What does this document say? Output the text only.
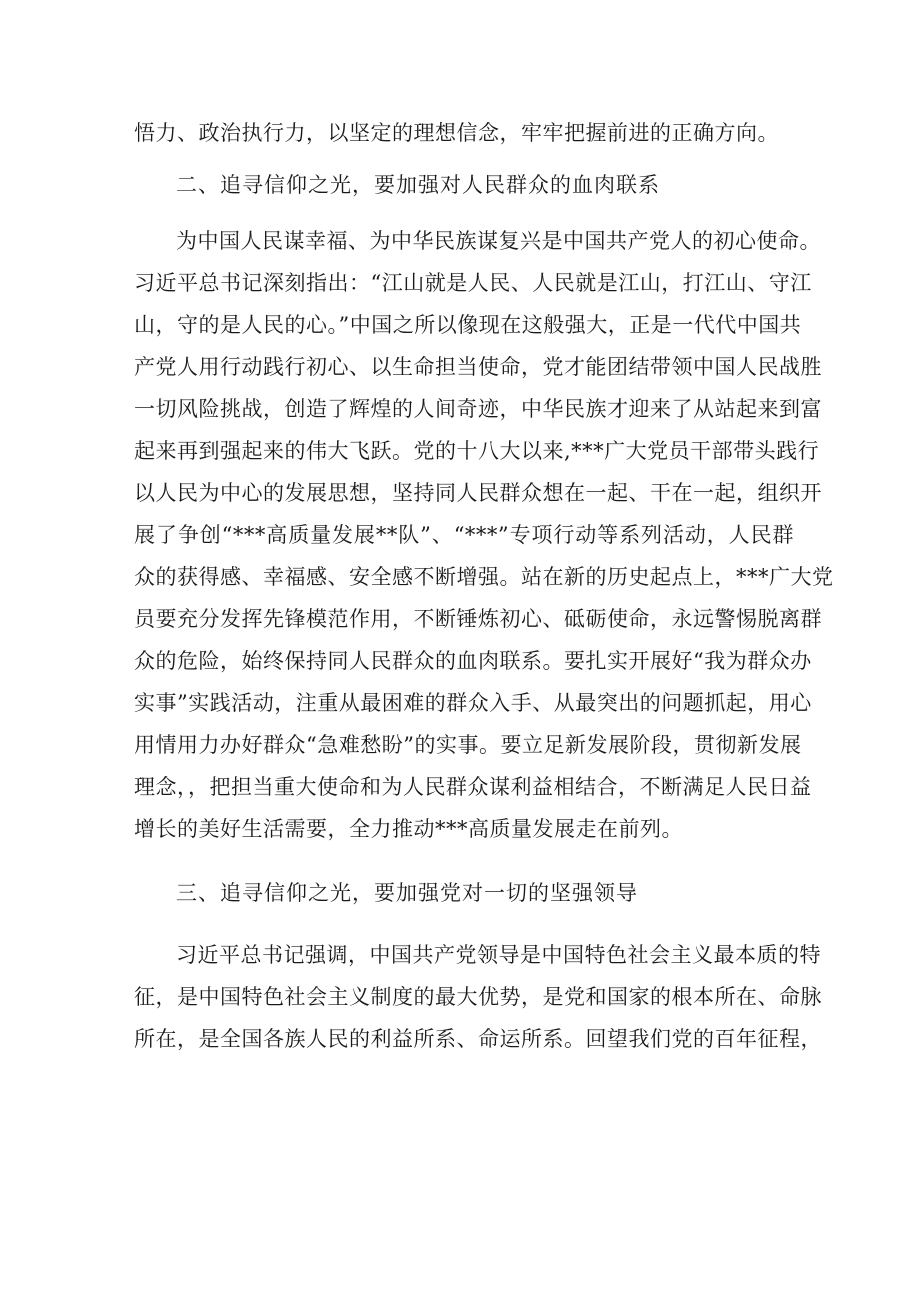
悟力、政治执行力，以坚定的理想信念，牢牢把握前进的正确方向。
二、追寻信仰之光，要加强对人民群众的血肉联系
为中国人民谋幸福、为中华民族谋复兴是中国共产党人的初心使命。
习近平总书记深刻指出：“江山就是人民、人民就是江山，打江山、守江
山，守的是人民的心。”中国之所以像现在这般强大，正是一代代中国共
产党人用行动践行初心、以生命担当使命，党才能团结带领中国人民战胜
一切风险挑战，创造了辉煌的人间奇迹，中华民族才迎来了从站起来到富
起来再到强起来的伟大飞跃。党的十八大以来,***广大党员干部带头践行
以人民为中心的发展思想，坚持同人民群众想在一起、干在一起，组织开
展了争创“***高质量发展**队”、“***”专项行动等系列活动，人民群
众的获得感、幸福感、安全感不断增强。站在新的历史起点上，***广大党
员要充分发挥先锋模范作用，不断锤炼初心、砥砺使命，永远警惕脱离群
众的危险，始终保持同人民群众的血肉联系。要扎实开展好“我为群众办
实事”实践活动，注重从最困难的群众入手、从最突出的问题抓起，用心
用情用力办好群众“急难愁盼”的实事。要立足新发展阶段，贯彻新发展
理念，，把担当重大使命和为人民群众谋利益相结合，不断满足人民日益
增长的美好生活需要，全力推动***高质量发展走在前列。
三、追寻信仰之光，要加强党对一切的坚强领导
习近平总书记强调，中国共产党领导是中国特色社会主义最本质的特
征，是中国特色社会主义制度的最大优势，是党和国家的根本所在、命脉
所在，是全国各族人民的利益所系、命运所系。回望我们党的百年征程，
